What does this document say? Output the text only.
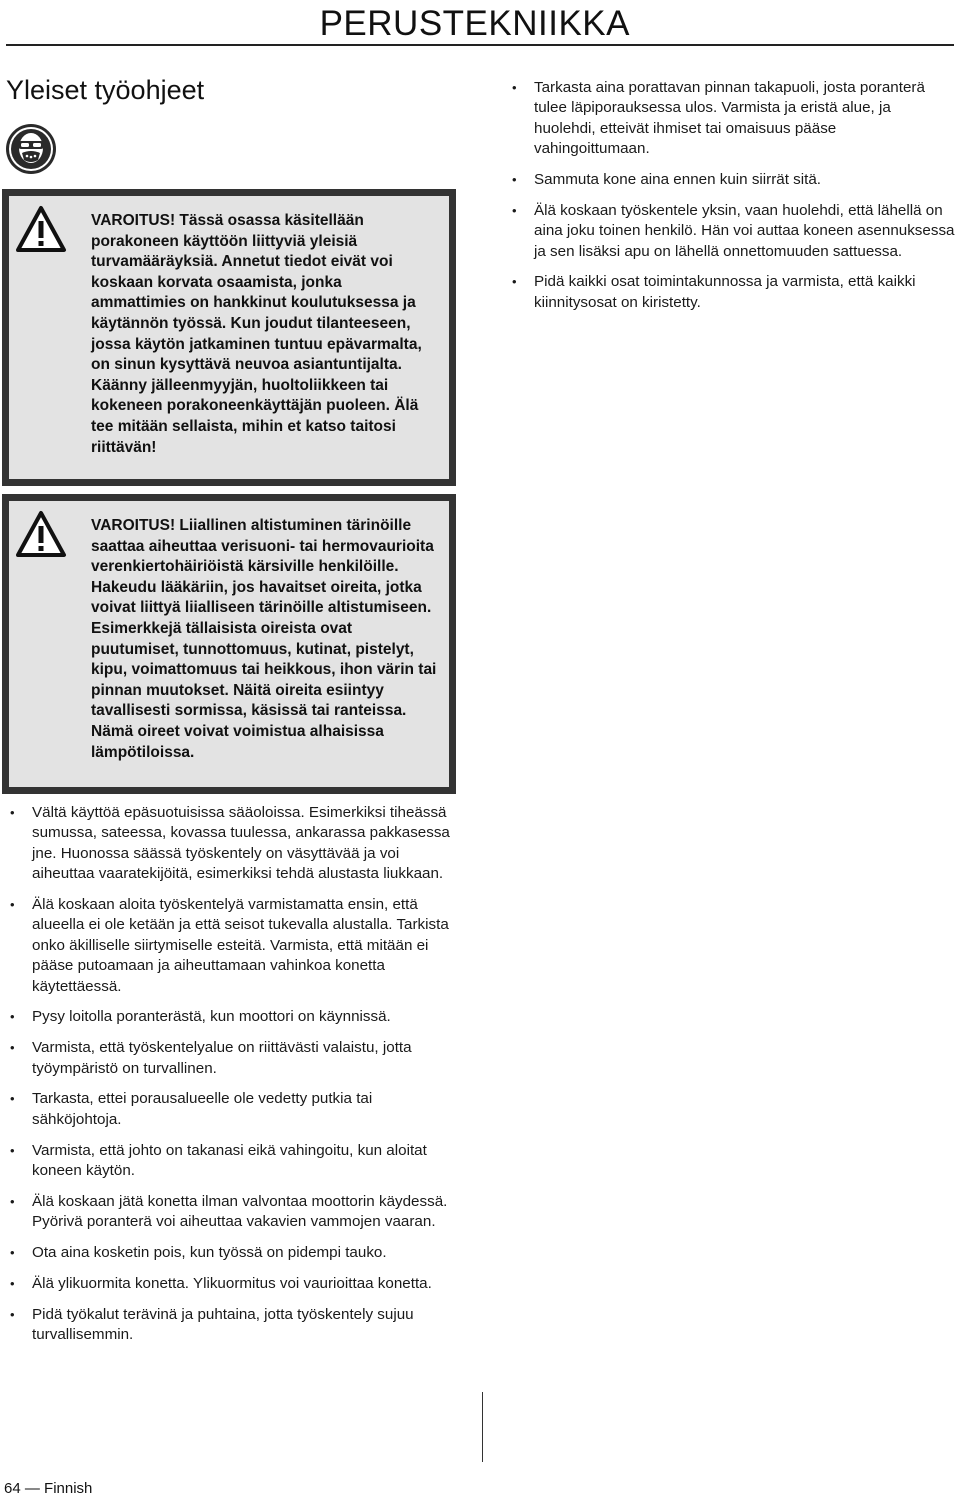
PERUSTEKNIIKKA
Yleiset työohjeet

VAROITUS! Tässä osassa käsitellään porakoneen käyttöön liittyviä yleisiä turvamääräyksiä. Annetut tiedot eivät voi koskaan korvata osaamista, jonka ammattimies on hankkinut koulutuksessa ja käytännön työssä. Kun joudut tilanteeseen, jossa käytön jatkaminen tuntuu epävarmalta, on sinun kysyttävä neuvoa asiantuntijalta. Käänny jälleenmyyjän, huoltoliikkeen tai kokeneen porakoneenkäyttäjän puoleen. Älä tee mitään sellaista, mihin et katso taitosi riittävän!

VAROITUS! Liiallinen altistuminen tärinöille saattaa aiheuttaa verisuoni- tai hermovaurioita verenkiertohäiriöistä kärsiville henkilöille. Hakeudu lääkäriin, jos havaitset oireita, jotka voivat liittyä liialliseen tärinöille altistumiseen. Esimerkkejä tällaisista oireista ovat puutumiset, tunnottomuus, kutinat, pistelyt, kipu, voimattomuus tai heikkous, ihon värin tai pinnan muutokset. Näitä oireita esiintyy tavallisesti sormissa, käsissä tai ranteissa. Nämä oireet voivat voimistua alhaisissa lämpötiloissa.

• Vältä käyttöä epäsuotuisissa sääoloissa. Esimerkiksi tiheässä sumussa, sateessa, kovassa tuulessa, ankarassa pakkasessa jne. Huonossa säässä työskentely on väsyttävää ja voi aiheuttaa vaaratekijöitä, esimerkiksi tehdä alustasta liukkaan.
• Älä koskaan aloita työskentelyä varmistamatta ensin, että alueella ei ole ketään ja että seisot tukevalla alustalla. Tarkista onko äkilliselle siirtymiselle esteitä. Varmista, että mitään ei pääse putoamaan ja aiheuttamaan vahinkoa konetta käytettäessä.
• Pysy loitolla poranterästä, kun moottori on käynnissä.
• Varmista, että työskentelyalue on riittävästi valaistu, jotta työympäristö on turvallinen.
• Tarkasta, ettei porausalueelle ole vedetty putkia tai sähköjohtoja.
• Varmista, että johto on takanasi eikä vahingoitu, kun aloitat koneen käytön.
• Älä koskaan jätä konetta ilman valvontaa moottorin käydessä. Pyörivä poranterä voi aiheuttaa vakavien vammojen vaaran.
• Ota aina kosketin pois, kun työssä on pidempi tauko.
• Älä ylikuormita konetta. Ylikuormitus voi vaurioittaa konetta.
• Pidä työkalut terävinä ja puhtaina, jotta työskentely sujuu turvallisemmin.
• Tarkasta aina porattavan pinnan takapuoli, josta poranterä tulee läpiporauksessa ulos. Varmista ja eristä alue, ja huolehdi, etteivät ihmiset tai omaisuus pääse vahingoittumaan.
• Sammuta kone aina ennen kuin siirrät sitä.
• Älä koskaan työskentele yksin, vaan huolehdi, että lähellä on aina joku toinen henkilö. Hän voi auttaa koneen asennuksessa ja sen lisäksi apu on lähellä onnettomuuden sattuessa.
• Pidä kaikki osat toimintakunnossa ja varmista, että kaikki kiinnitysosat on kiristetty.
64 — Finnish
